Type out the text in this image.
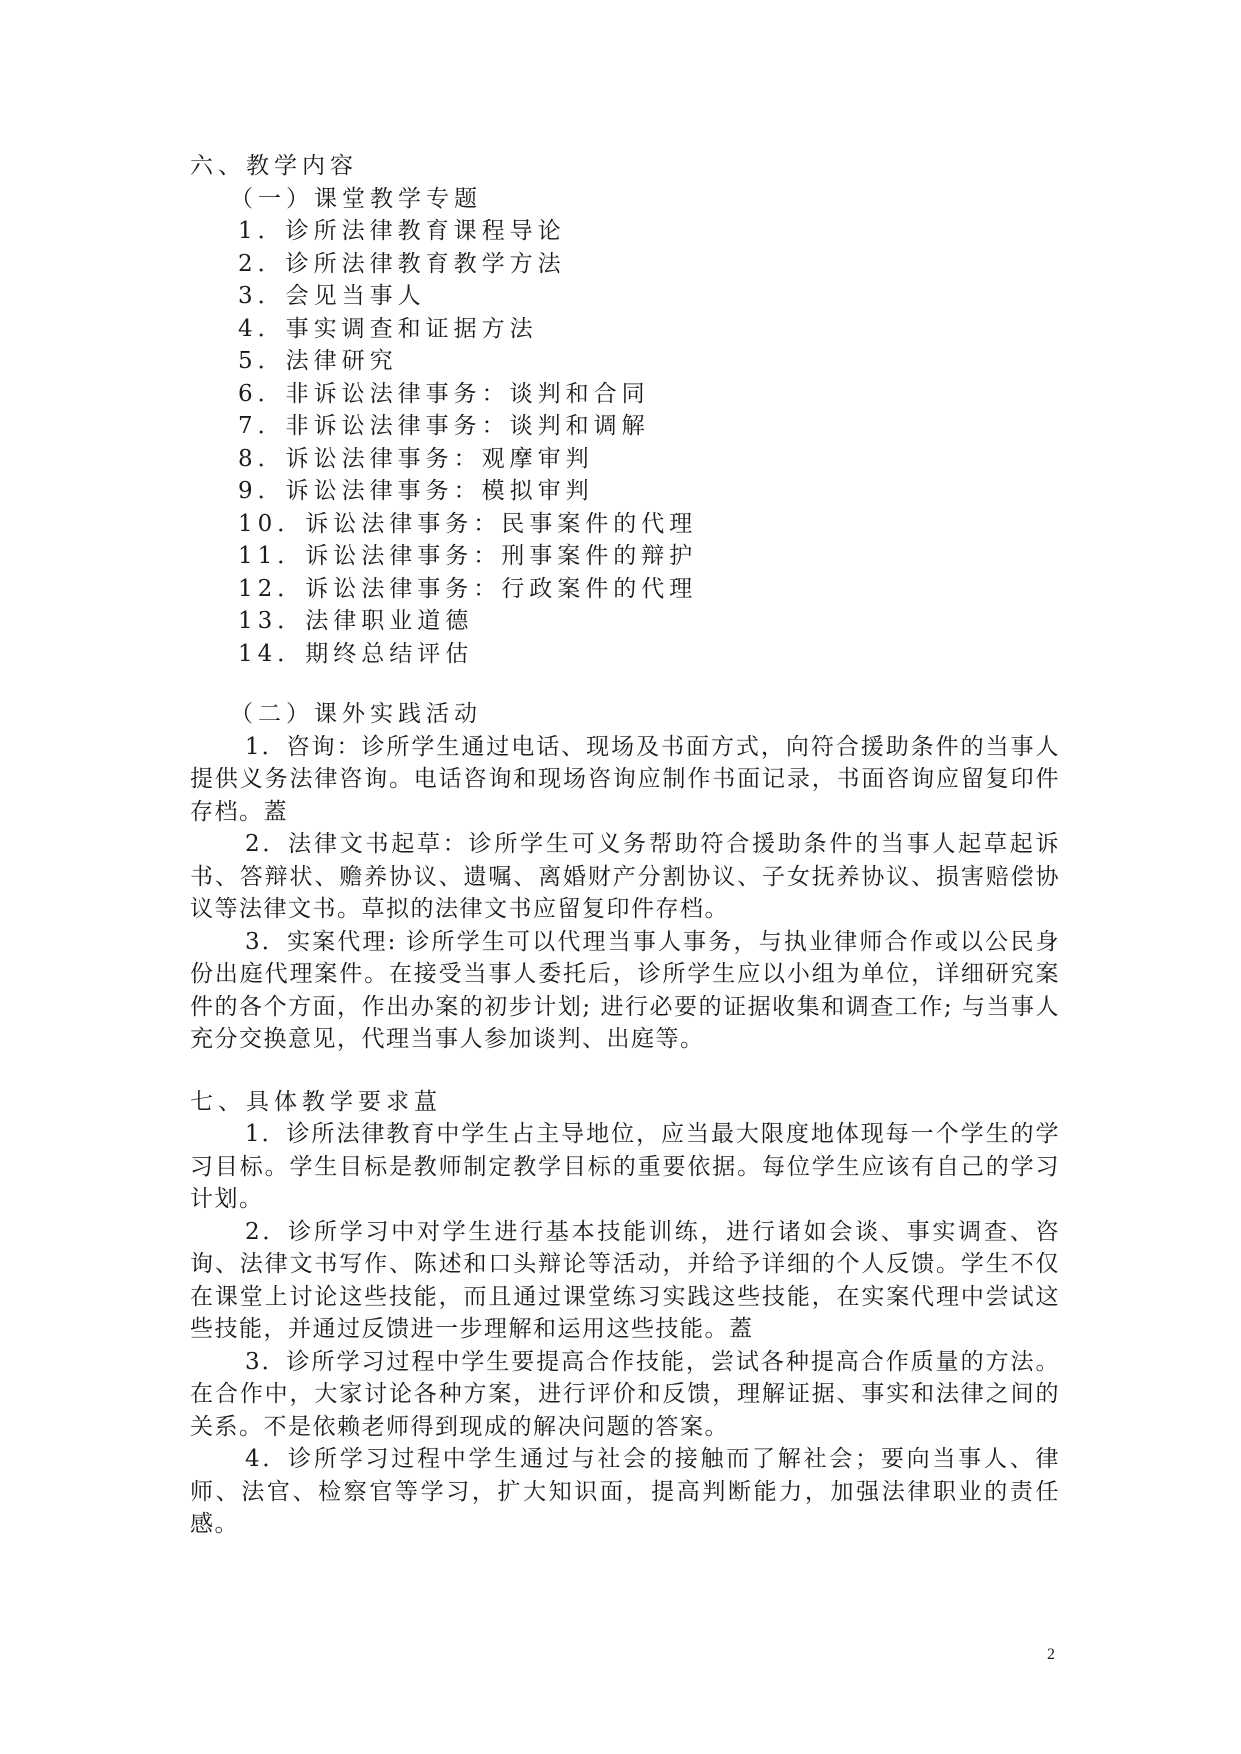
六、教学内容

（一）课堂教学专题

1．诊所法律教育课程导论
2．诊所法律教育教学方法
3．会见当事人
4．事实调查和证据方法
5．法律研究
6．非诉讼法律事务：谈判和合同
7．非诉讼法律事务：谈判和调解
8．诉讼法律事务：观摩审判
9．诉讼法律事务：模拟审判
10．诉讼法律事务：民事案件的代理
11．诉讼法律事务：刑事案件的辩护
12．诉讼法律事务：行政案件的代理
13．法律职业道德
14．期终总结评估

（二）课外实践活动

1．咨询：诊所学生通过电话、现场及书面方式，向符合援助条件的当事人提供义务法律咨询。电话咨询和现场咨询应制作书面记录，书面咨询应留复印件存档。蓋

2．法律文书起草：诊所学生可义务帮助符合援助条件的当事人起草起诉书、答辩状、赡养协议、遗嘱、离婚财产分割协议、子女抚养协议、损害赔偿协议等法律文书。草拟的法律文书应留复印件存档。

3．实案代理: 诊所学生可以代理当事人事务，与执业律师合作或以公民身份出庭代理案件。在接受当事人委托后，诊所学生应以小组为单位，详细研究案件的各个方面，作出办案的初步计划; 进行必要的证据收集和调查工作; 与当事人充分交换意见，代理当事人参加谈判、出庭等。

七、具体教学要求蒀

1．诊所法律教育中学生占主导地位，应当最大限度地体现每一个学生的学习目标。学生目标是教师制定教学目标的重要依据。每位学生应该有自己的学习计划。

2．诊所学习中对学生进行基本技能训练，进行诸如会谈、事实调查、咨询、法律文书写作、陈述和口头辩论等活动，并给予详细的个人反馈。学生不仅在课堂上讨论这些技能，而且通过课堂练习实践这些技能，在实案代理中尝试这些技能，并通过反馈进一步理解和运用这些技能。蓋

3．诊所学习过程中学生要提高合作技能，尝试各种提高合作质量的方法。在合作中，大家讨论各种方案，进行评价和反馈，理解证据、事实和法律之间的关系。不是依赖老师得到现成的解决问题的答案。

4．诊所学习过程中学生通过与社会的接触而了解社会；要向当事人、律师、法官、检察官等学习，扩大知识面，提高判断能力，加强法律职业的责任感。

2
